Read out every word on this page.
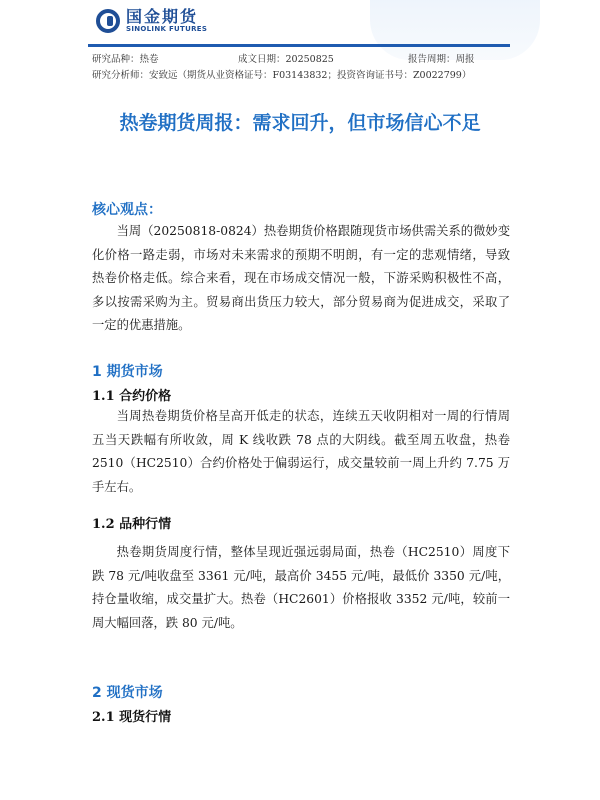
国金期货
SINOLINK FUTURES
研究品种：热卷	成文日期：20250825	报告周期：周报
研究分析师：安致远（期货从业资格证号：F03143832；投资咨询证书号：Z0022799）
热卷期货周报：需求回升，但市场信心不足
核心观点：
当周（20250818-0824）热卷期货价格跟随现货市场供需关系的微妙变化价格一路走弱，市场对未来需求的预期不明朗，有一定的悲观情绪，导致热卷价格走低。综合来看，现在市场成交情况一般，下游采购积极性不高，多以按需采购为主。贸易商出货压力较大，部分贸易商为促进成交，采取了一定的优惠措施。
1 期货市场
1.1 合约价格
当周热卷期货价格呈高开低走的状态，连续五天收阴相对一周的行情周五当天跌幅有所收敛，周 K 线收跌 78 点的大阴线。截至周五收盘，热卷 2510（HC2510）合约价格处于偏弱运行，成交量较前一周上升约 7.75 万手左右。
1.2 品种行情
热卷期货周度行情，整体呈现近强远弱局面，热卷（HC2510）周度下跌 78 元/吨收盘至 3361 元/吨，最高价 3455 元/吨，最低价 3350 元/吨，持仓量收缩，成交量扩大。热卷（HC2601）价格报收 3352 元/吨，较前一周大幅回落，跌 80 元/吨。
2 现货市场
2.1 现货行情
